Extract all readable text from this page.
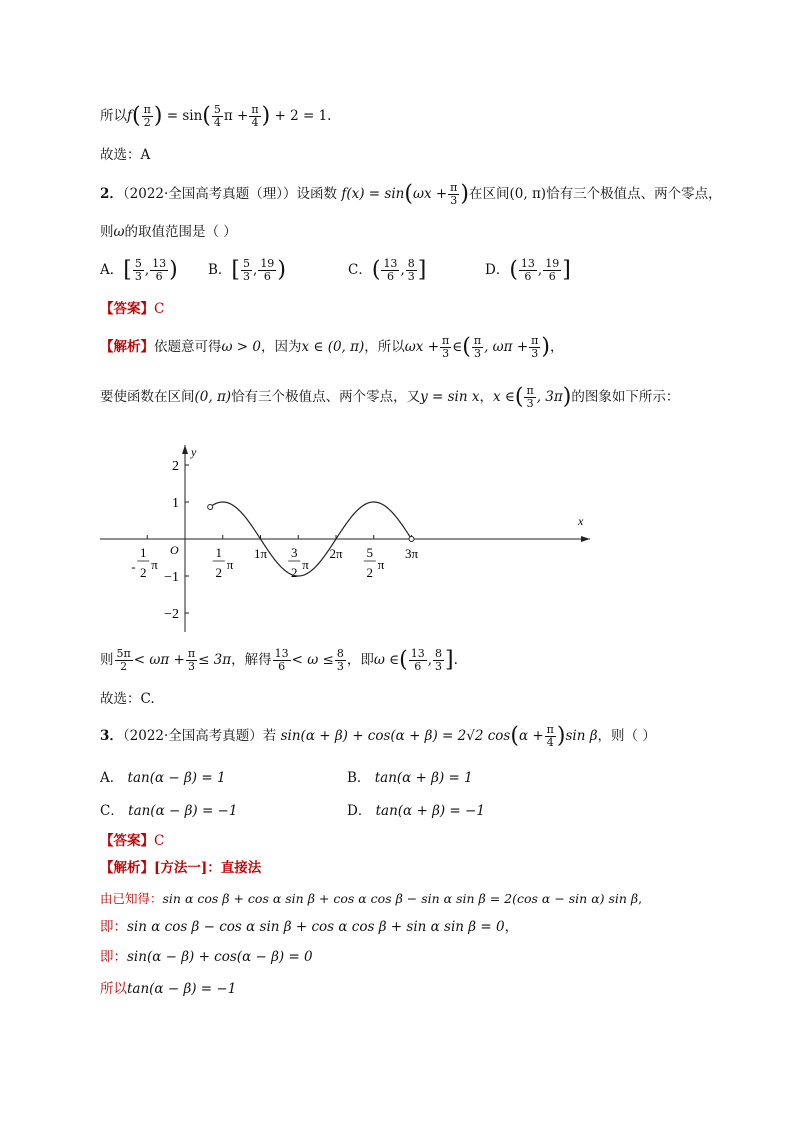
所以$f( \frac{\pi}{2}$ ) = $\sin( \frac{5}{4}$ $\pi + \frac{\pi}{4}$ ) + 2 = 1.
故选：A
2．（2022·全国高考真题（理））设函数 $f(x) = \sin(\omega x + \frac{\pi}{3}$ )在区间(0, π)恰有三个极值点、两个零点，
则ω的取值范围是（ ）
A．[ $\frac{5}{3}$ , $\frac{13}{6}$ ) B．[ $\frac{5}{3}$ , $\frac{19}{6}$ )	C．( $\frac{13}{6}$ , $\frac{8}{3}$ ]	D．( $\frac{13}{6}$ , $\frac{19}{6}$ ]
【答案】C
【解析】依题意可得ω > 0，因为x ∈ (0, π)，所以$\omega x + \frac{\pi}{3}$ ∈( $\frac{\pi}{3}$ , $\omega\pi + \frac{\pi}{3}$ )，
要使函数在区间(0, π)恰有三个极值点、两个零点，又y = sin x，x ∈( $\frac{\pi}{3}$ , 3π)的图象如下所示：
y
x
O
2
1
−1
−2
1
2
π
-
1
2
π
1π 3
2
π
2π 5
2
π
3π
则 $\frac{5\pi}{2} < \omega\pi + \frac{\pi}{3} \le 3\pi$，解得 $\frac{13}{6} < \omega \le \frac{8}{3}$ ，即ω ∈( $\frac{13}{6}$ , $\frac{8}{3}$ ].
故选：C.
3．（2022·全国高考真题）若 sin(α + β) + cos(α + β) = 2√2 $\cos(\alpha + \frac{\pi}{4} )\sin$ β，则（ ）
A． tan(α − β) = 1	B． tan(α + β) = 1
C． tan(α − β) = −1	D． tan(α + β) = −1
【答案】C
【解析】[方法一]：直接法
由已知得：sin α cos β + cos α sin β + cos α cos β − sin α sin β = 2(cos α − sin α) sin β,
即：sin α cos β − cos α sin β + cos α cos β + sin α sin β = 0，
即：sin(α − β) + cos(α − β) = 0
所以tan(α − β) = −1
